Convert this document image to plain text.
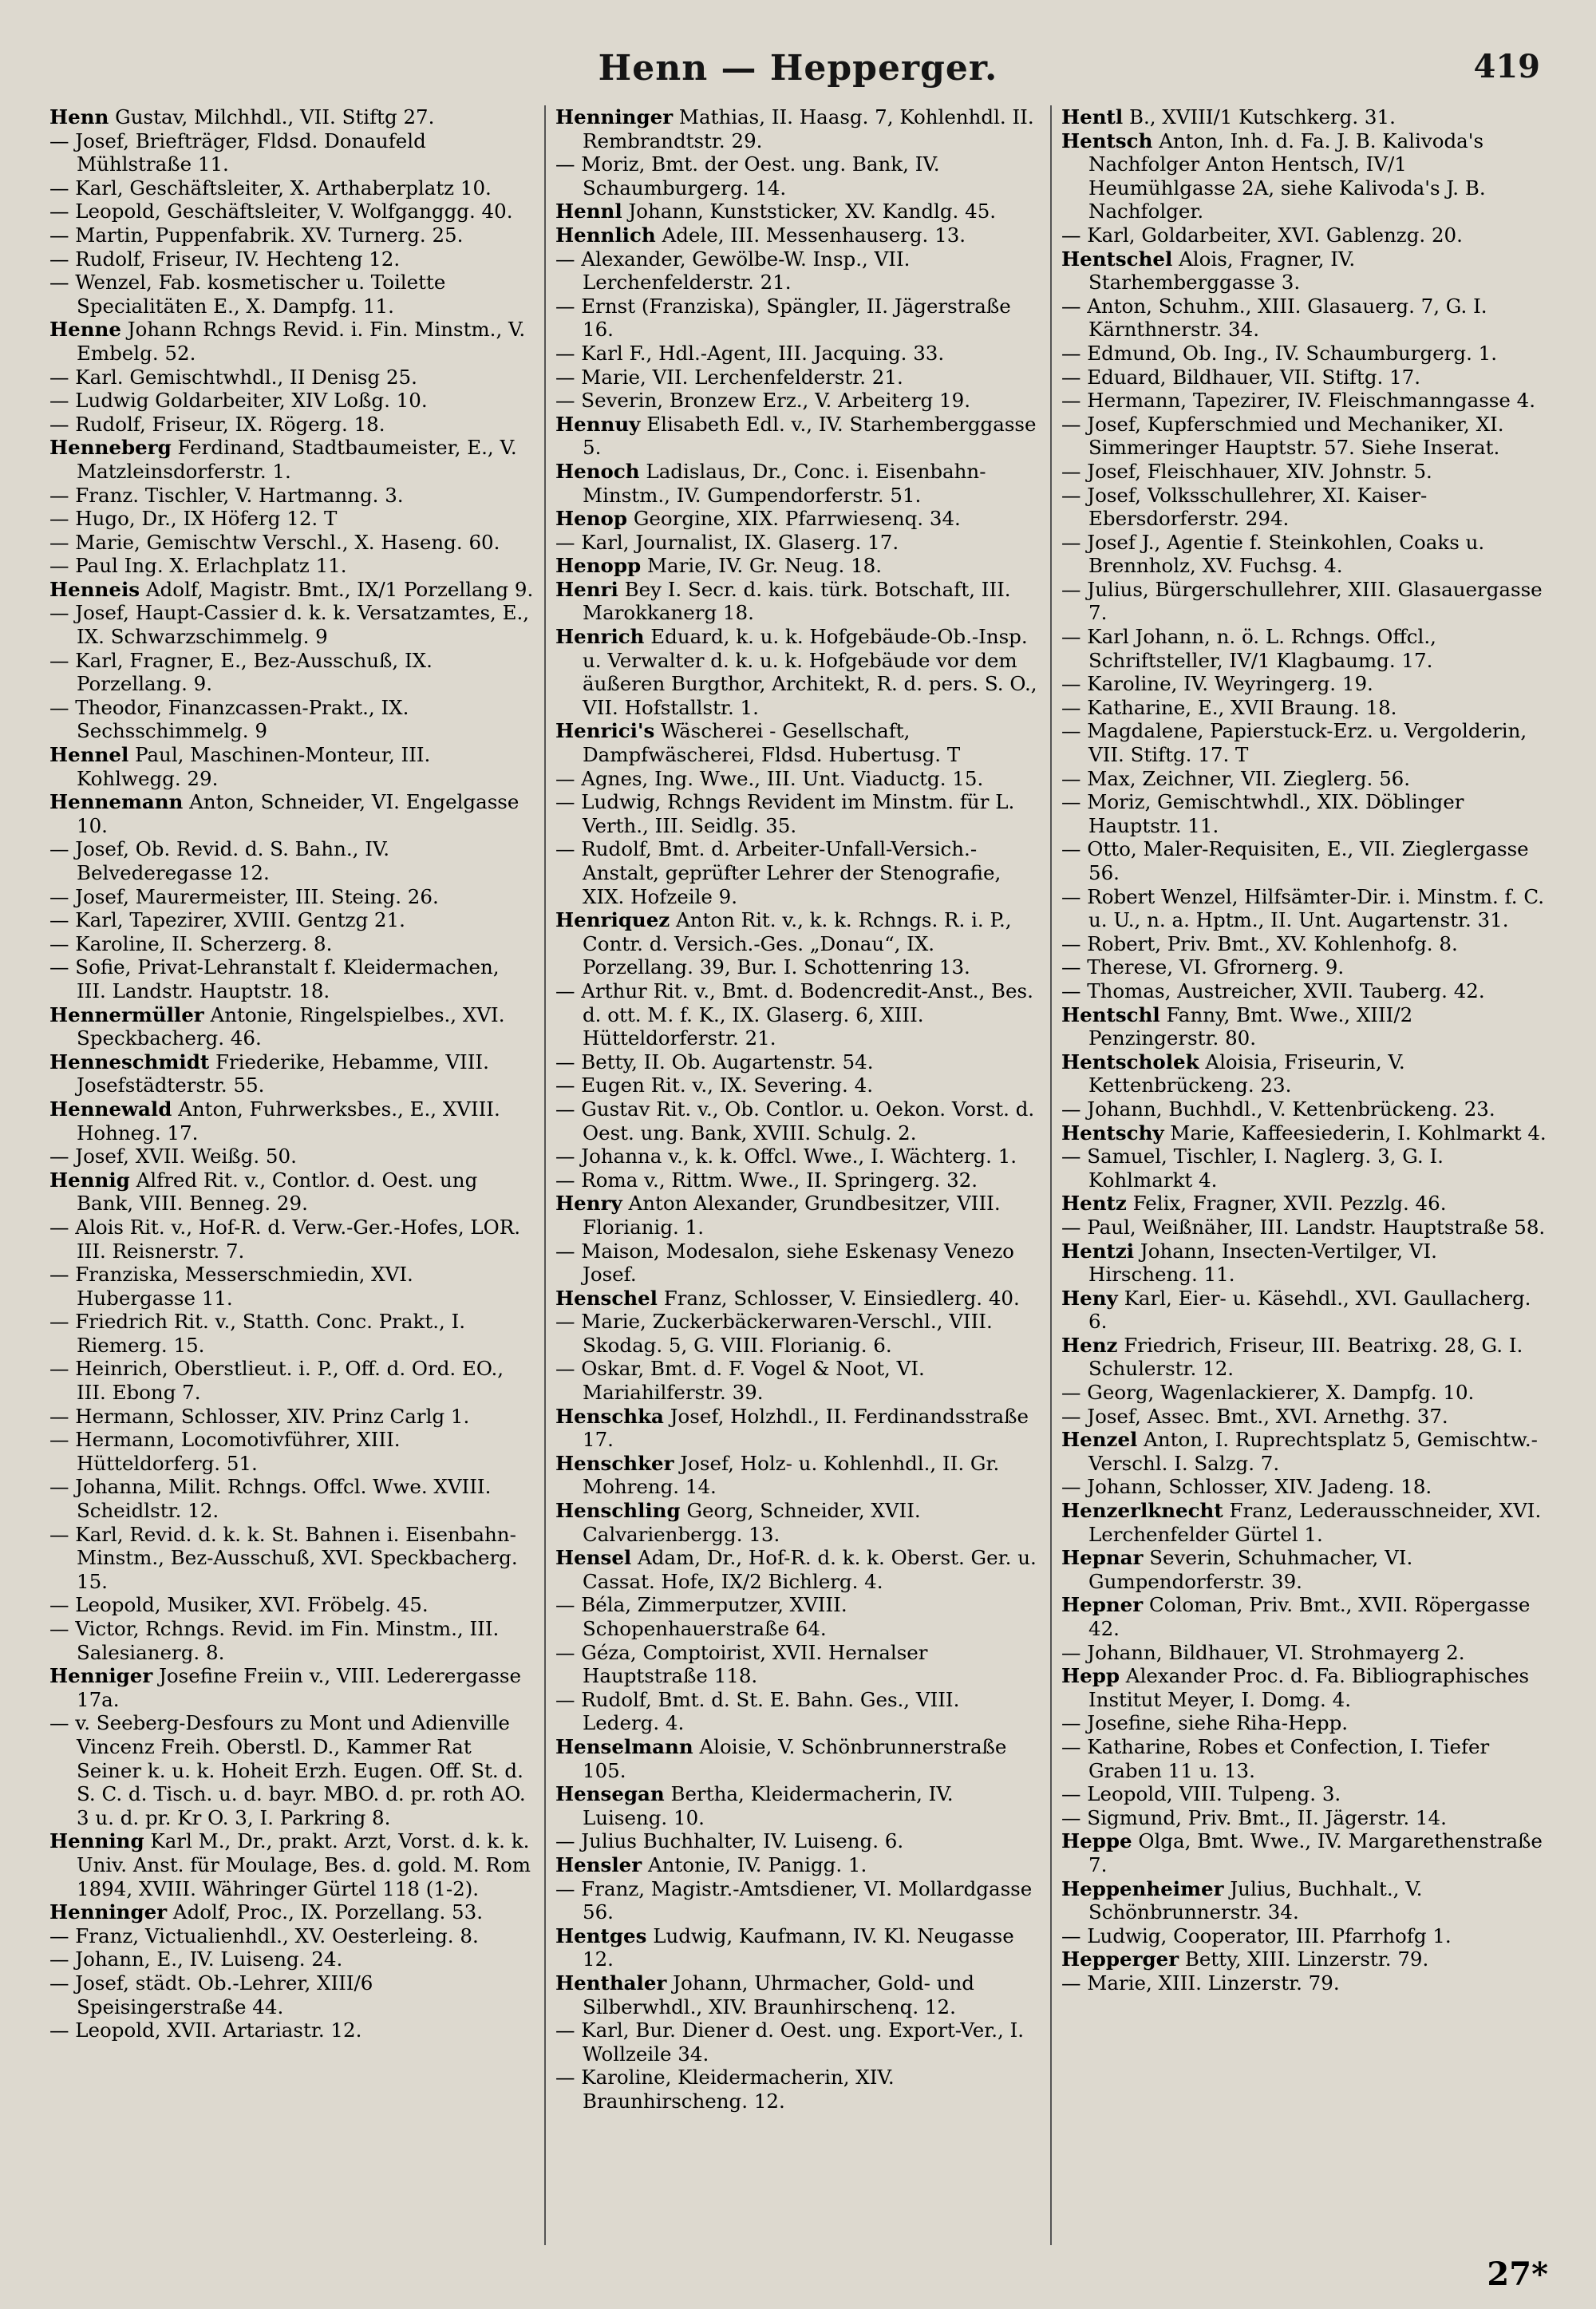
Henn — Hepperger.	419
Henn Gustav, Milchhdl., VII. Stiftg 27.
— Josef, Briefträger, Fldsd. Donaufeld Mühlstraße 11.
— Karl, Geschäftsleiter, X. Arthaberplatz 10.
— Leopold, Geschäftsleiter, V. Wolfganggg. 40.
— Martin, Puppenfabrik. XV. Turnerg. 25.
— Rudolf, Friseur, IV. Hechteng 12.
— Wenzel, Fab. kosmetischer u. Toilette Specialitäten E., X. Dampfg. 11.
Henne Johann Rchngs Revid. i. Fin. Minstm., V. Embelg. 52.
— Karl. Gemischtwhdl., II Denisg 25.
— Ludwig Goldarbeiter, XIV Loßg. 10.
— Rudolf, Friseur, IX. Rögerg. 18.
Henneberg Ferdinand, Stadtbaumeister, E., V. Matzleinsdorferstr. 1.
— Franz. Tischler, V. Hartmanng. 3.
— Hugo, Dr., IX Höferg 12. T
— Marie, Gemischtw Verschl., X. Haseng. 60.
— Paul Ing. X. Erlachplatz 11.
Henneis Adolf, Magistr. Bmt., IX/1 Porzellang 9.
— Josef, Haupt-Cassier d. k. k. Versatzamtes, E., IX. Schwarzschimmelg. 9
— Karl, Fragner, E., Bez-Ausschuß, IX. Porzellang. 9.
— Theodor, Finanzcassen-Prakt., IX. Sechsschimmelg. 9
Hennel Paul, Maschinen-Monteur, III. Kohlwegg. 29.
Hennemann Anton, Schneider, VI. Engelgasse 10.
— Josef, Ob. Revid. d. S. Bahn., IV. Belvederegasse 12.
— Josef, Maurermeister, III. Steing. 26.
— Karl, Tapezirer, XVIII. Gentzg 21.
— Karoline, II. Scherzerg. 8.
— Sofie, Privat-Lehranstalt f. Kleidermachen, III. Landstr. Hauptstr. 18.
Hennermüller Antonie, Ringelspielbes., XVI. Speckbacherg. 46.
Henneschmidt Friederike, Hebamme, VIII. Josefstädterstr. 55.
Hennewald Anton, Fuhrwerksbes., E., XVIII. Hohneg. 17.
— Josef, XVII. Weißg. 50.
Hennig Alfred Rit. v., Contlor. d. Oest. ung Bank, VIII. Benneg. 29.
— Alois Rit. v., Hof-R. d. Verw.-Ger.-Hofes, LOR. III. Reisnerstr. 7.
— Franziska, Messerschmiedin, XVI. Hubergasse 11.
— Friedrich Rit. v., Statth. Conc. Prakt., I. Riemerg. 15.
— Heinrich, Oberstlieut. i. P., Off. d. Ord. EO., III. Ebong 7.
— Hermann, Schlosser, XIV. Prinz Carlg 1.
— Hermann, Locomotivführer, XIII. Hütteldorferg. 51.
— Johanna, Milit. Rchngs. Offcl. Wwe. XVIII. Scheidlstr. 12.
— Karl, Revid. d. k. k. St. Bahnen i. Eisenbahn-Minstm., Bez-Ausschuß, XVI. Speckbacherg. 15.
— Leopold, Musiker, XVI. Fröbelg. 45.
— Victor, Rchngs. Revid. im Fin. Minstm., III. Salesianerg. 8.
Henniger Josefine Freiin v., VIII. Lederergasse 17a.
— v. Seeberg-Desfours zu Mont und Adienville Vincenz Freih. Oberstl. D., Kammer Rat Seiner k. u. k. Hoheit Erzh. Eugen. Off. St. d. S. C. d. Tisch. u. d. bayr. MBO. d. pr. roth AO. 3 u. d. pr. Kr O. 3, I. Parkring 8.
Henning Karl M., Dr., prakt. Arzt, Vorst. d. k. k. Univ. Anst. für Moulage, Bes. d. gold. M. Rom 1894, XVIII. Währinger Gürtel 118 (1-2).
Henninger Adolf, Proc., IX. Porzellang. 53.
— Franz, Victualienhdl., XV. Oesterleing. 8.
— Johann, E., IV. Luiseng. 24.
— Josef, städt. Ob.-Lehrer, XIII/6 Speisingerstraße 44.
— Leopold, XVII. Artariastr. 12.
Henninger Mathias, II. Haasg. 7, Kohlenhdl. II. Rembrandtstr. 29.
— Moriz, Bmt. der Oest. ung. Bank, IV. Schaumburgerg. 14.
Hennl Johann, Kunststicker, XV. Kandlg. 45.
Hennlich Adele, III. Messenhauserg. 13.
— Alexander, Gewölbe-W. Insp., VII. Lerchenfelderstr. 21.
— Ernst (Franziska), Spängler, II. Jägerstraße 16.
— Karl F., Hdl.-Agent, III. Jacquing. 33.
— Marie, VII. Lerchenfelderstr. 21.
— Severin, Bronzew Erz., V. Arbeiterg 19.
Hennuy Elisabeth Edl. v., IV. Starhemberggasse 5.
Henoch Ladislaus, Dr., Conc. i. Eisenbahn-Minstm., IV. Gumpendorferstr. 51.
Henop Georgine, XIX. Pfarrwiesenq. 34.
— Karl, Journalist, IX. Glaserg. 17.
Henopp Marie, IV. Gr. Neug. 18.
Henri Bey I. Secr. d. kais. türk. Botschaft, III. Marokkanerg 18.
Henrich Eduard, k. u. k. Hofgebäude-Ob.-Insp. u. Verwalter d. k. u. k. Hofgebäude vor dem äußeren Burgthor, Architekt, R. d. pers. S. O., VII. Hofstallstr. 1.
Henrici's Wäscherei - Gesellschaft, Dampfwäscherei, Fldsd. Hubertusg. T
— Agnes, Ing. Wwe., III. Unt. Viaductg. 15.
— Ludwig, Rchngs Revident im Minstm. für L. Verth., III. Seidlg. 35.
— Rudolf, Bmt. d. Arbeiter-Unfall-Versich.-Anstalt, geprüfter Lehrer der Stenografie, XIX. Hofzeile 9.
Henriquez Anton Rit. v., k. k. Rchngs. R. i. P., Contr. d. Versich.-Ges. „Donau“, IX. Porzellang. 39, Bur. I. Schottenring 13.
— Arthur Rit. v., Bmt. d. Bodencredit-Anst., Bes. d. ott. M. f. K., IX. Glaserg. 6, XIII. Hütteldorferstr. 21.
— Betty, II. Ob. Augartenstr. 54.
— Eugen Rit. v., IX. Severing. 4.
— Gustav Rit. v., Ob. Contlor. u. Oekon. Vorst. d. Oest. ung. Bank, XVIII. Schulg. 2.
— Johanna v., k. k. Offcl. Wwe., I. Wächterg. 1.
— Roma v., Rittm. Wwe., II. Springerg. 32.
Henry Anton Alexander, Grundbesitzer, VIII. Florianig. 1.
— Maison, Modesalon, siehe Eskenasy Venezo Josef.
Henschel Franz, Schlosser, V. Einsiedlerg. 40.
— Marie, Zuckerbäckerwaren-Verschl., VIII. Skodag. 5, G. VIII. Florianig. 6.
— Oskar, Bmt. d. F. Vogel & Noot, VI. Mariahilferstr. 39.
Henschka Josef, Holzhdl., II. Ferdinandsstraße 17.
Henschker Josef, Holz- u. Kohlenhdl., II. Gr. Mohreng. 14.
Henschling Georg, Schneider, XVII. Calvarienbergg. 13.
Hensel Adam, Dr., Hof-R. d. k. k. Oberst. Ger. u. Cassat. Hofe, IX/2 Bichlerg. 4.
— Béla, Zimmerputzer, XVIII. Schopenhauerstraße 64.
— Géza, Comptoirist, XVII. Hernalser Hauptstraße 118.
— Rudolf, Bmt. d. St. E. Bahn. Ges., VIII. Lederg. 4.
Henselmann Aloisie, V. Schönbrunnerstraße 105.
Hensegan Bertha, Kleidermacherin, IV. Luiseng. 10.
— Julius Buchhalter, IV. Luiseng. 6.
Hensler Antonie, IV. Panigg. 1.
— Franz, Magistr.-Amtsdiener, VI. Mollardgasse 56.
Hentges Ludwig, Kaufmann, IV. Kl. Neugasse 12.
Henthaler Johann, Uhrmacher, Gold- und Silberwhdl., XIV. Braunhirschenq. 12.
— Karl, Bur. Diener d. Oest. ung. Export-Ver., I. Wollzeile 34.
— Karoline, Kleidermacherin, XIV. Braunhirscheng. 12.
Hentl B., XVIII/1 Kutschkerg. 31.
Hentsch Anton, Inh. d. Fa. J. B. Kalivoda's Nachfolger Anton Hentsch, IV/1 Heumühlgasse 2A, siehe Kalivoda's J. B. Nachfolger.
— Karl, Goldarbeiter, XVI. Gablenzg. 20.
Hentschel Alois, Fragner, IV. Starhemberggasse 3.
— Anton, Schuhm., XIII. Glasauerg. 7, G. I. Kärnthnerstr. 34.
— Edmund, Ob. Ing., IV. Schaumburgerg. 1.
— Eduard, Bildhauer, VII. Stiftg. 17.
— Hermann, Tapezirer, IV. Fleischmanngasse 4.
— Josef, Kupferschmied und Mechaniker, XI. Simmeringer Hauptstr. 57. Siehe Inserat.
— Josef, Fleischhauer, XIV. Johnstr. 5.
— Josef, Volksschullehrer, XI. Kaiser-Ebersdorferstr. 294.
— Josef J., Agentie f. Steinkohlen, Coaks u. Brennholz, XV. Fuchsg. 4.
— Julius, Bürgerschullehrer, XIII. Glasauergasse 7.
— Karl Johann, n. ö. L. Rchngs. Offcl., Schriftsteller, IV/1 Klagbaumg. 17.
— Karoline, IV. Weyringerg. 19.
— Katharine, E., XVII Braung. 18.
— Magdalene, Papierstuck-Erz. u. Vergolderin, VII. Stiftg. 17. T
— Max, Zeichner, VII. Zieglerg. 56.
— Moriz, Gemischtwhdl., XIX. Döblinger Hauptstr. 11.
— Otto, Maler-Requisiten, E., VII. Zieglergasse 56.
— Robert Wenzel, Hilfsämter-Dir. i. Minstm. f. C. u. U., n. a. Hptm., II. Unt. Augartenstr. 31.
— Robert, Priv. Bmt., XV. Kohlenhofg. 8.
— Therese, VI. Gfrornerg. 9.
— Thomas, Austreicher, XVII. Tauberg. 42.
Hentschl Fanny, Bmt. Wwe., XIII/2 Penzingerstr. 80.
Hentscholek Aloisia, Friseurin, V. Kettenbrückeng. 23.
— Johann, Buchhdl., V. Kettenbrückeng. 23.
Hentschy Marie, Kaffeesiederin, I. Kohlmarkt 4.
— Samuel, Tischler, I. Naglerg. 3, G. I. Kohlmarkt 4.
Hentz Felix, Fragner, XVII. Pezzlg. 46.
— Paul, Weißnäher, III. Landstr. Hauptstraße 58.
Hentzi Johann, Insecten-Vertilger, VI. Hirscheng. 11.
Heny Karl, Eier- u. Käsehdl., XVI. Gaullacherg. 6.
Henz Friedrich, Friseur, III. Beatrixg. 28, G. I. Schulerstr. 12.
— Georg, Wagenlackierer, X. Dampfg. 10.
— Josef, Assec. Bmt., XVI. Arnethg. 37.
Henzel Anton, I. Ruprechtsplatz 5, Gemischtw.-Verschl. I. Salzg. 7.
— Johann, Schlosser, XIV. Jadeng. 18.
Henzerlknecht Franz, Lederausschneider, XVI. Lerchenfelder Gürtel 1.
Hepnar Severin, Schuhmacher, VI. Gumpendorferstr. 39.
Hepner Coloman, Priv. Bmt., XVII. Röpergasse 42.
— Johann, Bildhauer, VI. Strohmayerg 2.
Hepp Alexander Proc. d. Fa. Bibliographisches Institut Meyer, I. Domg. 4.
— Josefine, siehe Riha-Hepp.
— Katharine, Robes et Confection, I. Tiefer Graben 11 u. 13.
— Leopold, VIII. Tulpeng. 3.
— Sigmund, Priv. Bmt., II. Jägerstr. 14.
Heppe Olga, Bmt. Wwe., IV. Margarethenstraße 7.
Heppenheimer Julius, Buchhalt., V. Schönbrunnerstr. 34.
— Ludwig, Cooperator, III. Pfarrhofg 1.
Hepperger Betty, XIII. Linzerstr. 79.
— Marie, XIII. Linzerstr. 79.
27*
